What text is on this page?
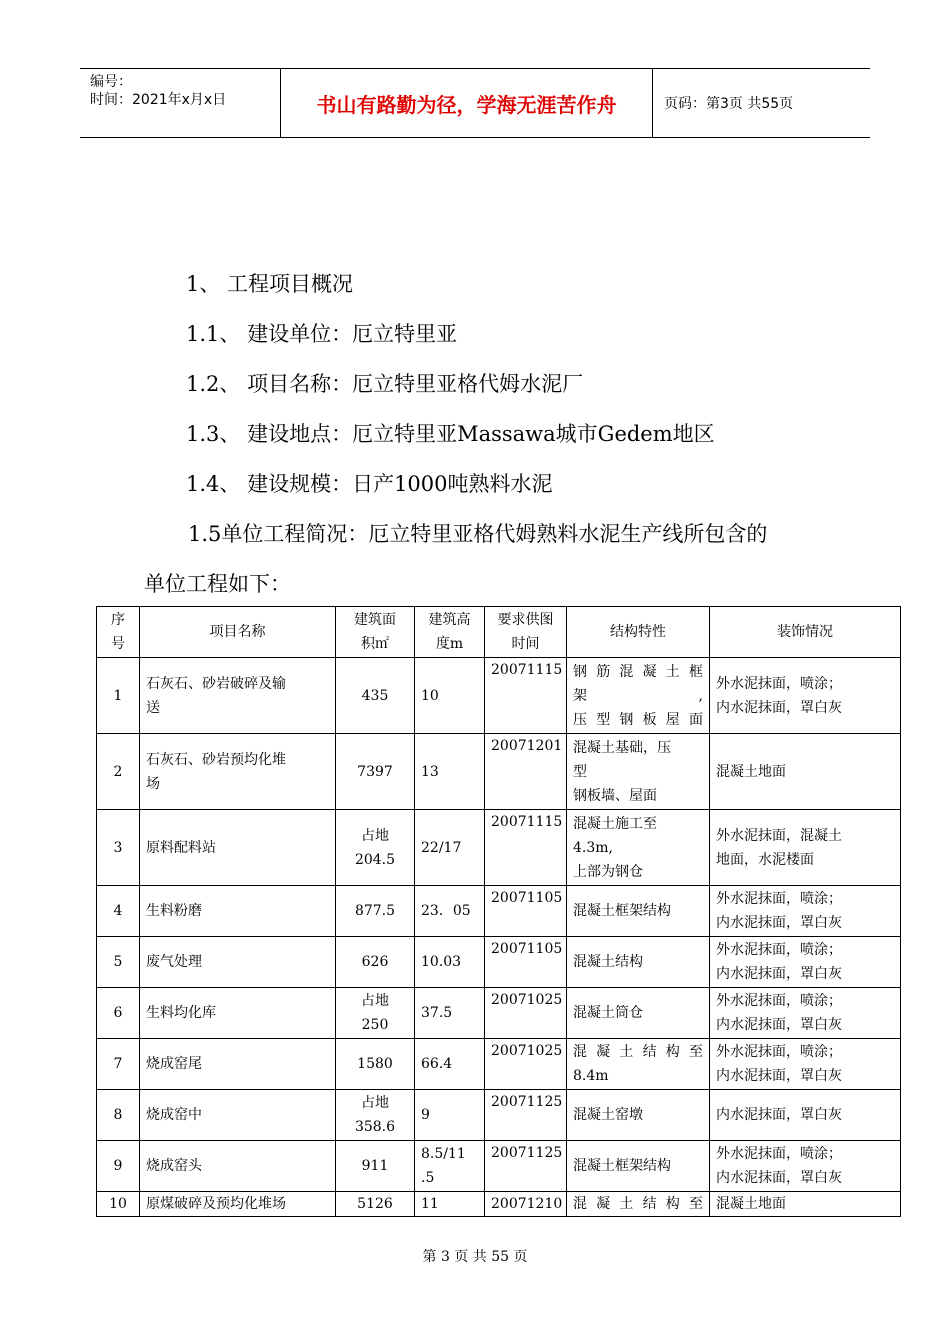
编号：
时间：2021年x月x日	书山有路勤为径，学海无涯苦作舟	页码：第3页 共55页
1、 工程项目概况
1.1、 建设单位：厄立特里亚
1.2、 项目名称：厄立特里亚格代姆水泥厂
1.3、 建设地点：厄立特里亚Massawa城市Gedem地区
1.4、 建设规模：日产1000吨熟料水泥
1.5单位工程简况：厄立特里亚格代姆熟料水泥生产线所包含的
单位工程如下：
序
号	项目名称	建筑面
积㎡	建筑高
度m	要求供图
时间	结构特性	装饰情况
1	石灰石、砂岩破碎及输
送	435	10	20071115	钢筋混凝土框
架,
压型钢板屋面	外水泥抹面，喷涂；
内水泥抹面，罩白灰
2	石灰石、砂岩预均化堆
场	7397	13	20071201	混凝土基础，压
型
钢板墙、屋面	混凝土地面
3	原料配料站	占地
204.5	22/17	20071115	混凝土施工至
4.3m,
上部为钢仓	外水泥抹面，混凝土
地面，水泥楼面
4	生料粉磨	877.5	23．05	20071105	混凝土框架结构	外水泥抹面，喷涂；
内水泥抹面，罩白灰
5	废气处理	626	10.03	20071105	混凝土结构	外水泥抹面，喷涂；
内水泥抹面，罩白灰
6	生料均化库	占地
250	37.5	20071025	混凝土筒仓	外水泥抹面，喷涂；
内水泥抹面，罩白灰
7	烧成窑尾	1580	66.4	20071025	混凝土结构至
8.4m	外水泥抹面，喷涂；
内水泥抹面，罩白灰
8	烧成窑中	占地
358.6	9	20071125	混凝土窑墩	内水泥抹面，罩白灰
9	烧成窑头	911	8.5/11
.5	20071125	混凝土框架结构	外水泥抹面，喷涂；
内水泥抹面，罩白灰
10	原煤破碎及预均化堆场	5126	11	20071210	混凝土结构至	混凝土地面
第 3 页 共 55 页
